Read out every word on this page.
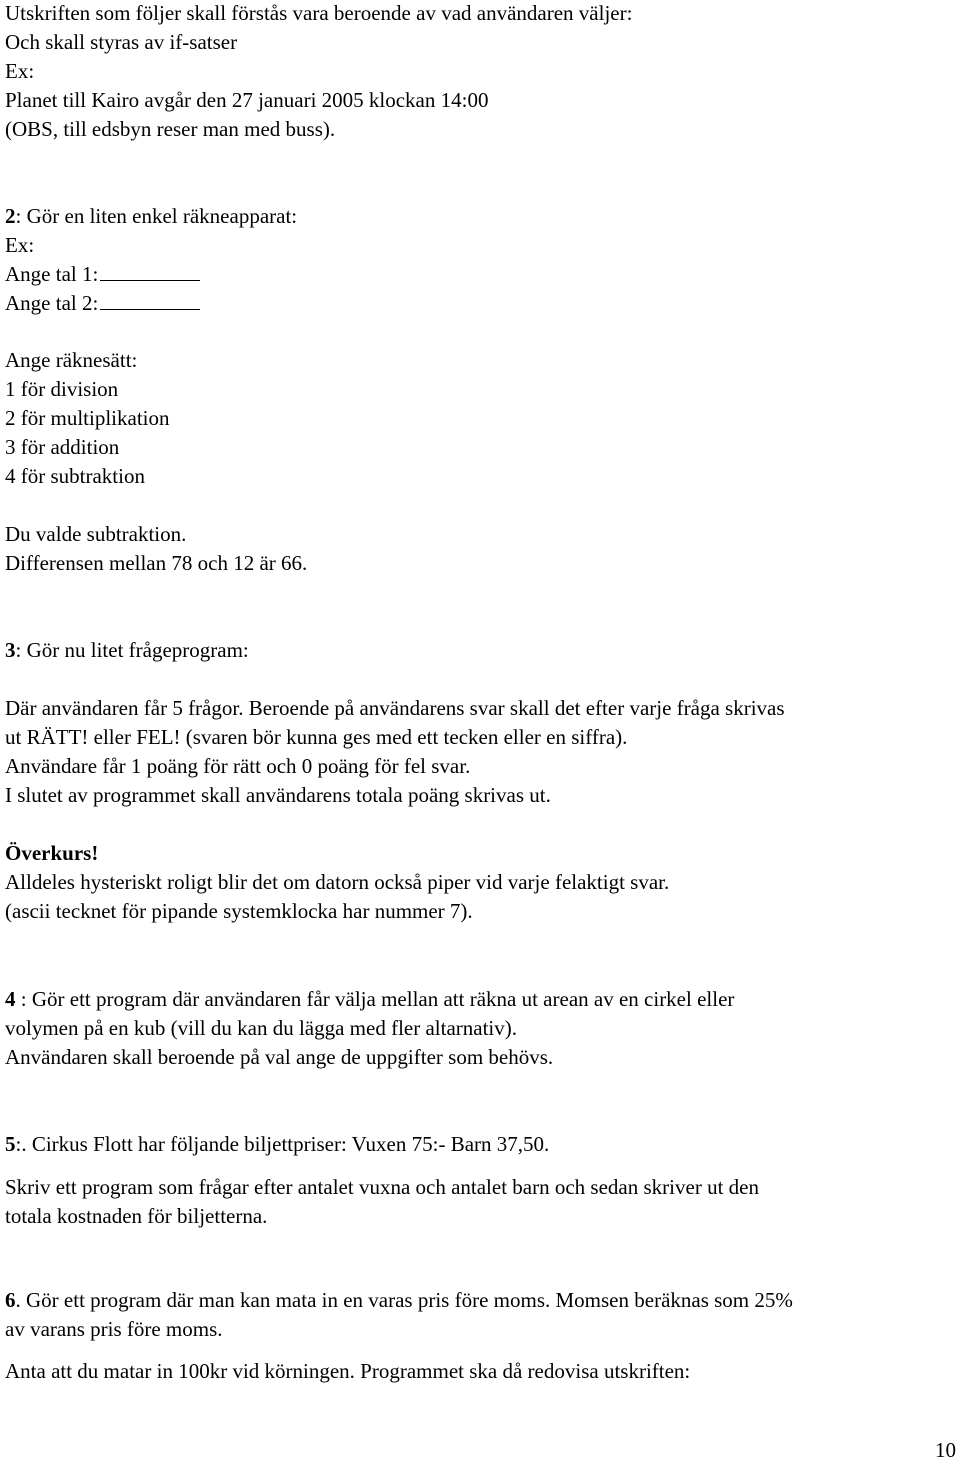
Utskriften som följer skall förstås vara beroende av vad användaren väljer:
Och skall styras av if-satser
Ex:
Planet till Kairo avgår den 27 januari 2005 klockan 14:00
(OBS, till edsbyn reser man med buss).
2: Gör en liten enkel räkneapparat:
Ex:
Ange tal 1:
Ange tal 2:
Ange räknesätt:
1 för division
2 för multiplikation
3 för addition
4 för subtraktion
Du valde subtraktion.
Differensen mellan 78 och 12 är 66.
3: Gör nu litet frågeprogram:
Där användaren får 5 frågor. Beroende på användarens svar skall det efter varje fråga skrivas
ut RÄTT! eller FEL! (svaren bör kunna ges med ett tecken eller en siffra).
Användare får 1 poäng för rätt och 0 poäng för fel svar.
I slutet av programmet skall användarens totala poäng skrivas ut.
Överkurs!
Alldeles hysteriskt roligt blir det om datorn också piper vid varje felaktigt svar.
(ascii tecknet för pipande systemklocka har nummer 7).
4 : Gör ett program där användaren får välja mellan att räkna ut arean av en cirkel eller
volymen på en kub (vill du kan du lägga med fler altarnativ).
Användaren skall beroende på val ange de uppgifter som behövs.
5:. Cirkus Flott har följande biljettpriser: Vuxen 75:- Barn 37,50.
Skriv ett program som frågar efter antalet vuxna och antalet barn och sedan skriver ut den
totala kostnaden för biljetterna.
6. Gör ett program där man kan mata in en varas pris före moms. Momsen beräknas som 25%
av varans pris före moms.
Anta att du matar in 100kr vid körningen. Programmet ska då redovisa utskriften:
10
